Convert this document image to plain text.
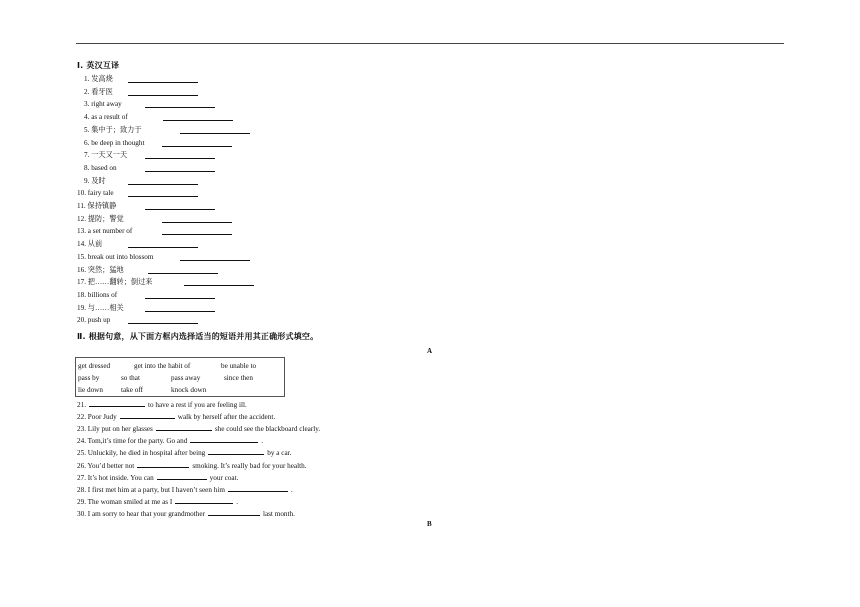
Ⅰ. 英汉互译
1. 发高烧
2. 看牙医
3. right away
4. as a result of
5. 集中于；致力于
6. be deep in thought
7. 一天又一天
8. based on
9. 及时
10. fairy tale
11. 保持镇静
12. 提防；警觉
13. a set number of
14. 从前
15. break out into blossom
16. 突然；猛地
17. 把……翻转；倒过来
18. billions of
19. 与……相关
20. push up
Ⅱ. 根据句意，从下面方框内选择适当的短语并用其正确形式填空。
A
get dressed	get into the habit of	be unable to
pass by	so that	pass away	since then
lie down	take off	knock down
21.	to have a rest if you are feeling ill.
22. Poor Judy	walk by herself after the accident.
23. Lily put on her glasses	she could see the blackboard clearly.
24. Tom,it’s time for the party. Go and	.
25. Unluckily, he died in hospital after being	by a car.
26. You’d better not	smoking. It’s really bad for your health.
27. It’s hot inside. You can	your coat.
28. I first met him at a party, but I haven’t seen him	.
29. The woman smiled at me as I	.
30. I am sorry to hear that your grandmother	last month.
B
